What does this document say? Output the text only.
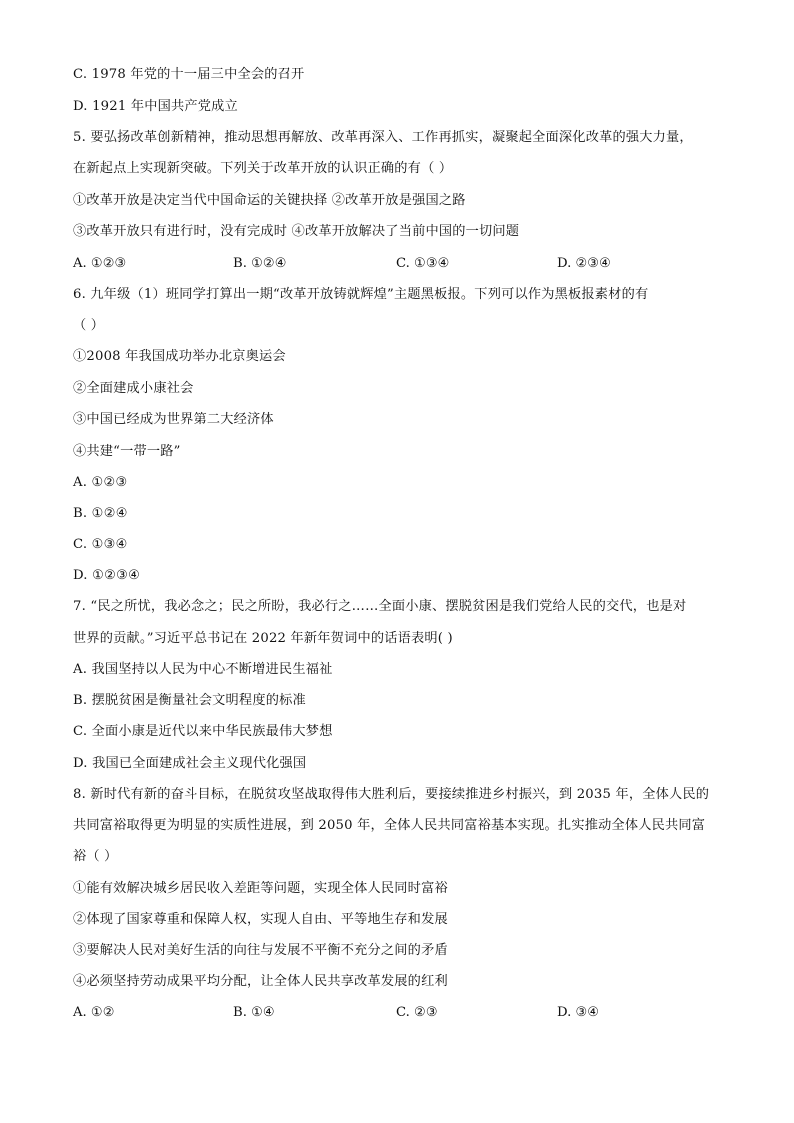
C. 1978 年党的十一届三中全会的召开
D. 1921 年中国共产党成立
5. 要弘扬改革创新精神，推动思想再解放、改革再深入、工作再抓实，凝聚起全面深化改革的强大力量，
在新起点上实现新突破。下列关于改革开放的认识正确的有（ ）
①改革开放是决定当代中国命运的关键抉择 ②改革开放是强国之路
③改革开放只有进行时，没有完成时 ④改革开放解决了当前中国的一切问题
A. ①②③	B. ①②④	C. ①③④	D. ②③④
6. 九年级（1）班同学打算出一期“改革开放铸就辉煌”主题黑板报。下列可以作为黑板报素材的有
（ ）
①2008 年我国成功举办北京奥运会
②全面建成小康社会
③中国已经成为世界第二大经济体
④共建“一带一路”
A. ①②③
B. ①②④
C. ①③④
D. ①②③④
7. “民之所忧，我必念之；民之所盼，我必行之……全面小康、摆脱贫困是我们党给人民的交代，也是对
世界的贡献。”习近平总书记在 2022 年新年贺词中的话语表明( )
A. 我国坚持以人民为中心不断增进民生福祉
B. 摆脱贫困是衡量社会文明程度的标准
C. 全面小康是近代以来中华民族最伟大梦想
D. 我国已全面建成社会主义现代化强国
8. 新时代有新的奋斗目标，在脱贫攻坚战取得伟大胜利后，要接续推进乡村振兴，到 2035 年，全体人民的
共同富裕取得更为明显的实质性进展，到 2050 年，全体人民共同富裕基本实现。扎实推动全体人民共同富
裕（ ）
①能有效解决城乡居民收入差距等问题，实现全体人民同时富裕
②体现了国家尊重和保障人权，实现人自由、平等地生存和发展
③要解决人民对美好生活的向往与发展不平衡不充分之间的矛盾
④必须坚持劳动成果平均分配，让全体人民共享改革发展的红利
A. ①②	B. ①④	C. ②③	D. ③④
